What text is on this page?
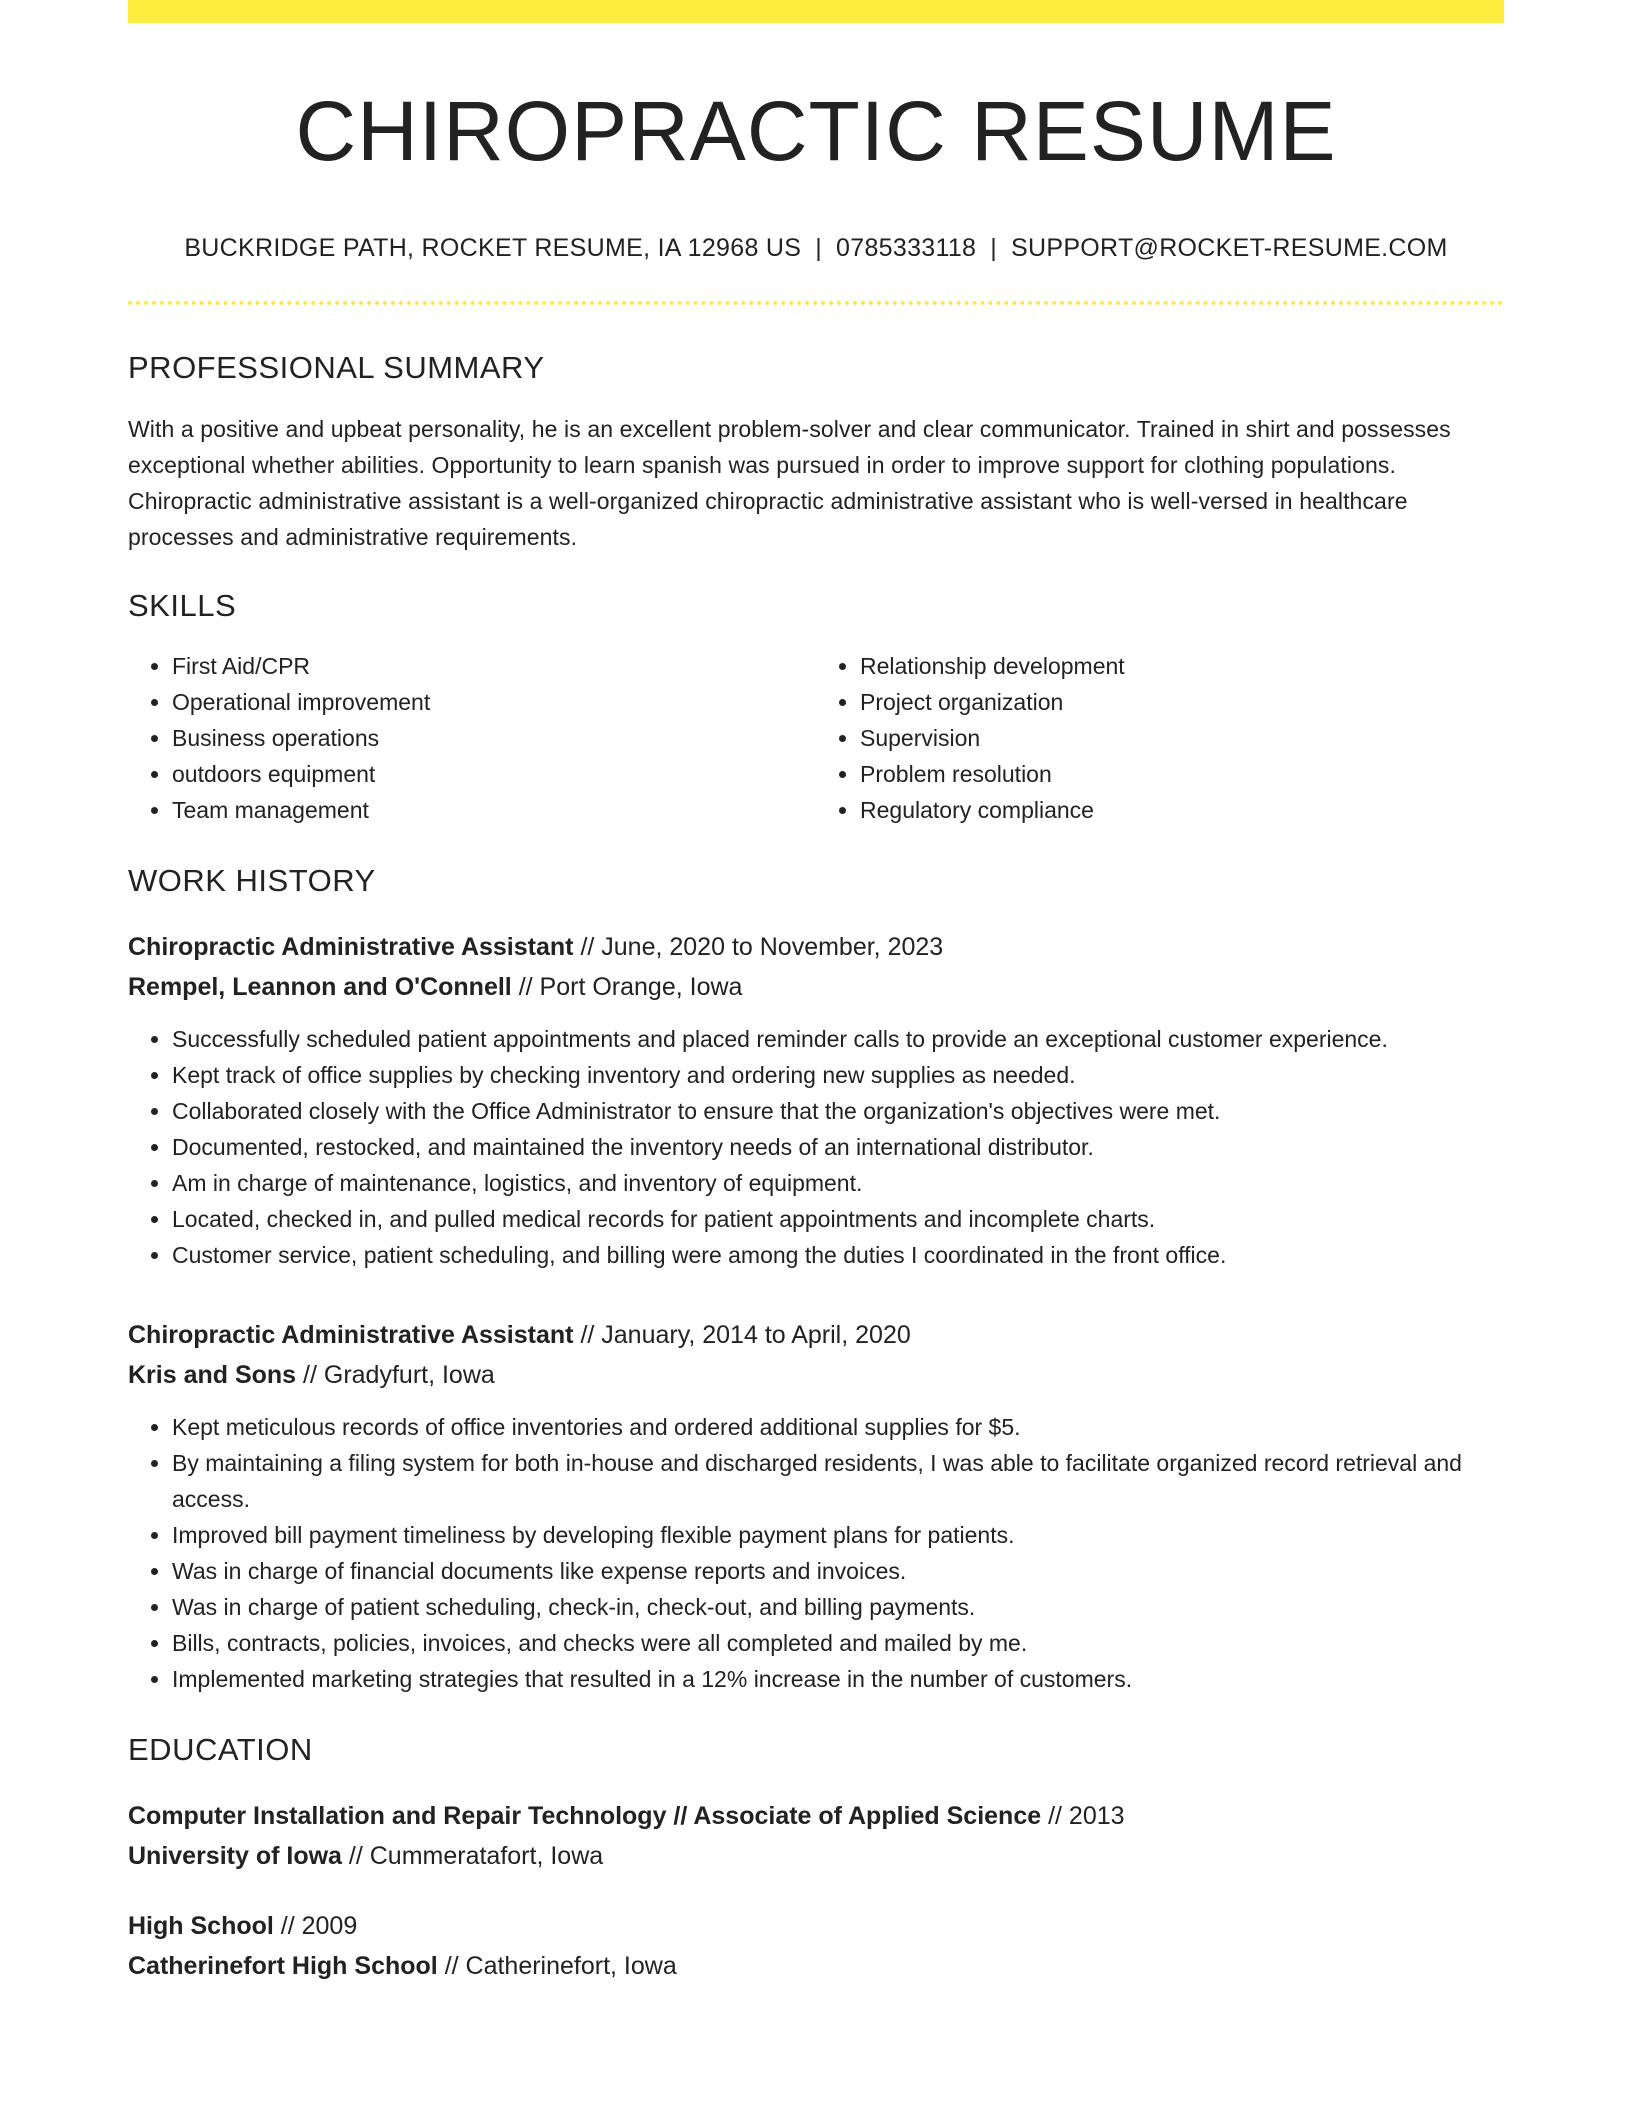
CHIROPRACTIC RESUME
BUCKRIDGE PATH, ROCKET RESUME, IA 12968 US | 0785333118 | SUPPORT@ROCKET-RESUME.COM
PROFESSIONAL SUMMARY

With a positive and upbeat personality, he is an excellent problem-solver and clear communicator. Trained in shirt and possesses exceptional whether abilities. Opportunity to learn spanish was pursued in order to improve support for clothing populations. Chiropractic administrative assistant is a well-organized chiropractic administrative assistant who is well-versed in healthcare processes and administrative requirements.

SKILLS
• First Aid/CPR
• Operational improvement
• Business operations
• outdoors equipment
• Team management
• Relationship development
• Project organization
• Supervision
• Problem resolution
• Regulatory compliance
WORK HISTORY
Chiropractic Administrative Assistant // June, 2020 to November, 2023
Rempel, Leannon and O'Connell // Port Orange, Iowa
• Successfully scheduled patient appointments and placed reminder calls to provide an exceptional customer experience.
• Kept track of office supplies by checking inventory and ordering new supplies as needed.
• Collaborated closely with the Office Administrator to ensure that the organization's objectives were met.
• Documented, restocked, and maintained the inventory needs of an international distributor.
• Am in charge of maintenance, logistics, and inventory of equipment.
• Located, checked in, and pulled medical records for patient appointments and incomplete charts.
• Customer service, patient scheduling, and billing were among the duties I coordinated in the front office.
Chiropractic Administrative Assistant // January, 2014 to April, 2020
Kris and Sons // Gradyfurt, Iowa
• Kept meticulous records of office inventories and ordered additional supplies for $5.
• By maintaining a filing system for both in-house and discharged residents, I was able to facilitate organized record retrieval and access.
• Improved bill payment timeliness by developing flexible payment plans for patients.
• Was in charge of financial documents like expense reports and invoices.
• Was in charge of patient scheduling, check-in, check-out, and billing payments.
• Bills, contracts, policies, invoices, and checks were all completed and mailed by me.
• Implemented marketing strategies that resulted in a 12% increase in the number of customers.
EDUCATION
Computer Installation and Repair Technology // Associate of Applied Science // 2013
University of Iowa // Cummeratafort, Iowa
High School // 2009
Catherinefort High School // Catherinefort, Iowa
